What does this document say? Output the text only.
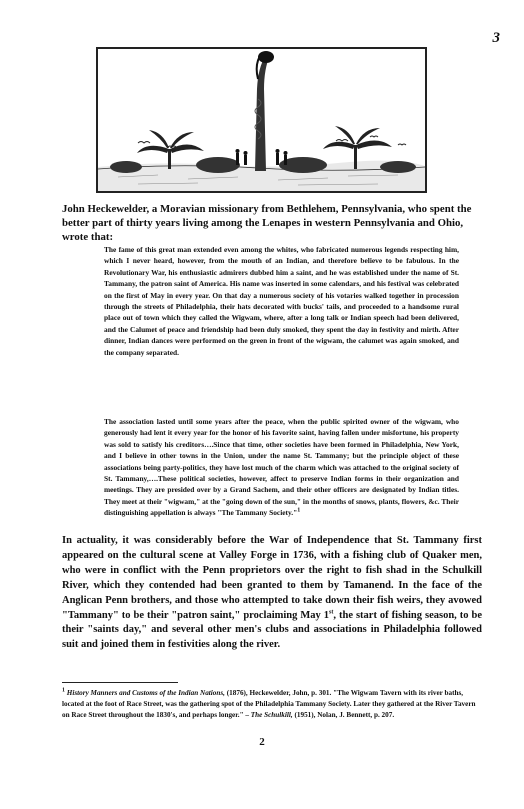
3
John Heckewelder, a Moravian missionary from Bethlehem, Pennsylvania, who spent the better part of thirty years living among the Lenapes in western Pennsylvania and Ohio, wrote that:
The fame of this great man extended even among the whites, who fabricated numerous legends respecting him, which I never heard, however, from the mouth of an Indian, and therefore believe to be fabulous. In the Revolutionary War, his enthusiastic admirers dubbed him a saint, and he was established under the name of St. Tammany, the patron saint of America. His name was inserted in some calendars, and his festival was celebrated on the first of May in every year. On that day a numerous society of his votaries walked together in procession through the streets of Philadelphia, their hats decorated with bucks' tails, and proceeded to a handsome rural place out of town which they called the Wigwam, where, after a long talk or Indian speech had been delivered, and the Calumet of peace and friendship had been duly smoked, they spent the day in festivity and mirth. After dinner, Indian dances were performed on the green in front of the wigwam, the calumet was again smoked, and the company separated.
The association lasted until some years after the peace, when the public spirited owner of the wigwam, who generously had lent it every year for the honor of his favorite saint, having fallen under misfortune, his property was sold to satisfy his creditors….Since that time, other societies have been formed in Philadelphia, New York, and I believe in other towns in the Union, under the name St. Tammany; but the principle object of these associations being party-politics, they have lost much of the charm which was attached to the original society of St. Tammany,….These political societies, however, affect to preserve Indian forms in their organization and meetings. They are presided over by a Grand Sachem, and their other officers are designated by Indian titles. They meet at their "wigwam," at the "going down of the sun," in the months of snows, plants, flowers, &c. Their distinguishing appellation is always "The Tammany Society."$^1$
In actuality, it was considerably before the War of Independence that St. Tammany first appeared on the cultural scene at Valley Forge in 1736, with a fishing club of Quaker men, who were in conflict with the Penn proprietors over the right to fish shad in the Schulkill River, which they contended had been granted to them by Tamanend. In the face of the Anglican Penn brothers, and those who attempted to take down their fish weirs, they avowed "Tammany" to be their "patron saint," proclaiming May 1st, the start of fishing season, to be their "saints day," and several other men's clubs and associations in Philadelphia followed suit and joined them in festivities along the river.
$^1$ History Manners and Customs of the Indian Nations, (1876), Heckewelder, John, p. 301. "The Wigwam Tavern with its river baths, located at the foot of Race Street, was the gathering spot of the Philadelphia Tammany Society. Later they gathered at the River Tavern on Race Street throughout the 1830's, and perhaps longer." – The Schulkill, (1951), Nolan, J. Bennett, p. 207.
2
